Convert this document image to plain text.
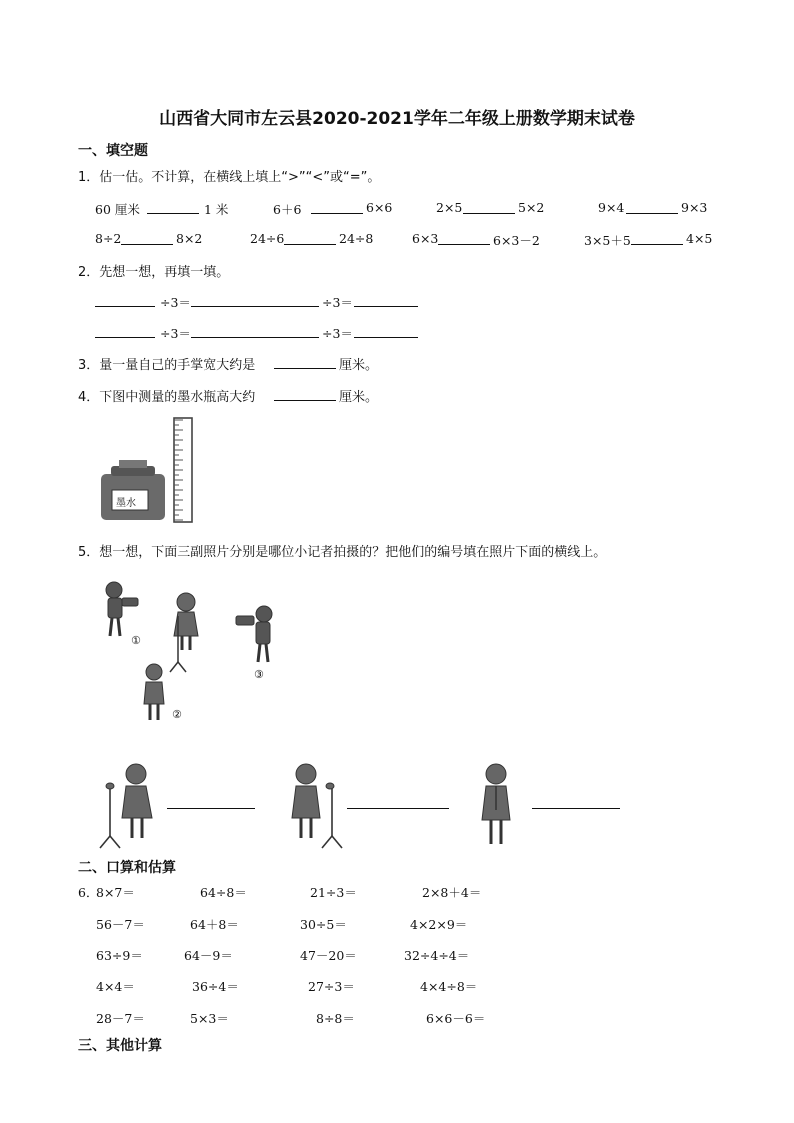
山西省大同市左云县2020-2021学年二年级上册数学期末试卷
一、填空题
1．估一估。不计算，在横线上填上“>”“<”或“=”。
60 厘米	1 米	6＋6	6×6	2×5	5×2	9×4	9×3
8÷2	8×2	24÷6	24÷8	6×3	6×3－2	3×5＋5	4×5
2．先想一想，再填一填。
÷3＝	÷3＝
÷3＝	÷3＝
3．量一量自己的手掌宽大约是	厘米。
4．下图中测量的墨水瓶高大约	厘米。
墨水
5．想一想，下面三副照片分别是哪位小记者拍摄的？把他们的编号填在照片下面的横线上。
①
②
③
二、口算和估算
6．
8×7＝	64÷8＝	21÷3＝	2×8＋4＝
56－7＝	64＋8＝	30÷5＝	4×2×9＝
63÷9＝	64－9＝	47－20＝	32÷4÷4＝
4×4＝	36÷4＝	27÷3＝	4×4÷8＝
28－7＝	5×3＝	8÷8＝	6×6－6＝
三、其他计算
